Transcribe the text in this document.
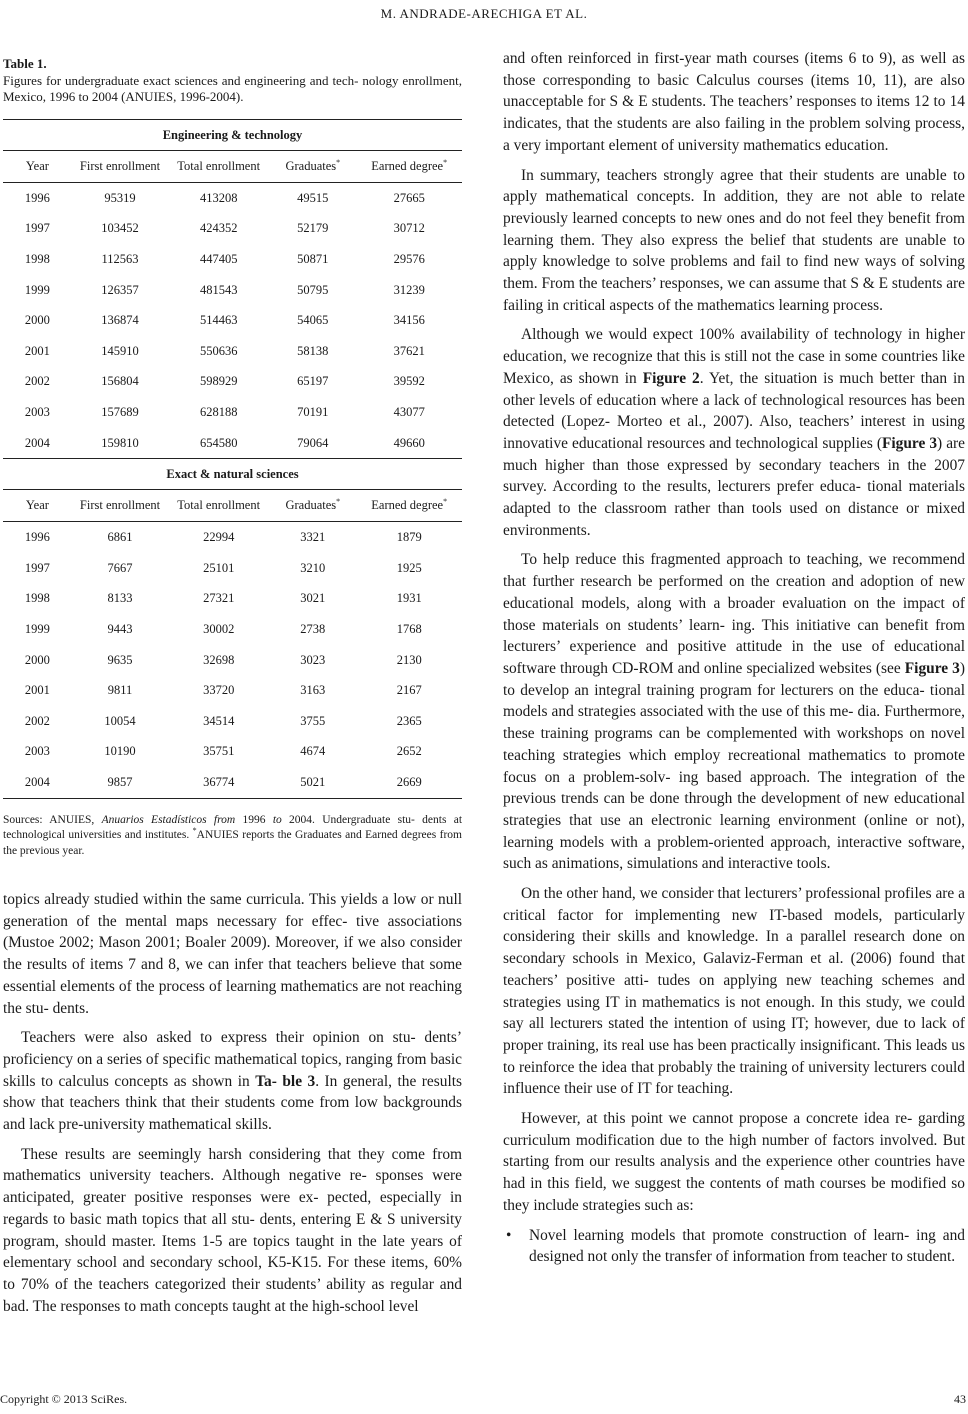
M. ANDRADE-ARECHIGA ET AL.

Table 1.

Figures for undergraduate exact sciences and engineering and tech- nology enrollment, Mexico, 1996 to 2004 (ANUIES, 1996-2004).

Engineering & technology				
Year	First enrollment	Total enrollment	Graduates*	Earned degree*
1996	95319	413208	49515	27665
1997	103452	424352	52179	30712
1998	112563	447405	50871	29576
1999	126357	481543	50795	31239
2000	136874	514463	54065	34156
2001	145910	550636	58138	37621
2002	156804	598929	65197	39592
2003	157689	628188	70191	43077
2004	159810	654580	79064	49660
Exact & natural sciences				
Year	First enrollment	Total enrollment	Graduates*	Earned degree*
1996	6861	22994	3321	1879
1997	7667	25101	3210	1925
1998	8133	27321	3021	1931
1999	9443	30002	2738	1768
2000	9635	32698	3023	2130
2001	9811	33720	3163	2167
2002	10054	34514	3755	2365
2003	10190	35751	4674	2652
2004	9857	36774	5021	2669

Sources: ANUIES, Anuarios Estadísticos from 1996 to 2004. Undergraduate stu- dents at technological universities and institutes. *ANUIES reports the Graduates and Earned degrees from the previous year.

topics already studied within the same curricula. This yields a low or null generation of the mental maps necessary for effec- tive associations (Mustoe 2002; Mason 2001; Boaler 2009). Moreover, if we also consider the results of items 7 and 8, we can infer that teachers believe that some essential elements of the process of learning mathematics are not reaching the stu- dents.

Teachers were also asked to express their opinion on stu- dents’ proficiency on a series of specific mathematical topics, ranging from basic skills to calculus concepts as shown in Ta- ble 3. In general, the results show that teachers think that their students come from low backgrounds and lack pre-university mathematical skills.

These results are seemingly harsh considering that they come from mathematics university teachers. Although negative re- sponses were anticipated, greater positive responses were ex- pected, especially in regards to basic math topics that all stu- dents, entering E & S university program, should master. Items 1-5 are topics taught in the late years of elementary school and secondary school, K5-K15. For these items, 60% to 70% of the teachers categorized their students’ ability as regular and bad. The responses to math concepts taught at the high-school level

and often reinforced in first-year math courses (items 6 to 9), as well as those corresponding to basic Calculus courses (items 10, 11), are also unacceptable for S & E students. The teachers’ responses to items 12 to 14 indicates, that the students are also failing in the problem solving process, a very important element of university mathematics education.

In summary, teachers strongly agree that their students are unable to apply mathematical concepts. In addition, they are not able to relate previously learned concepts to new ones and do not feel they benefit from learning them. They also express the belief that students are unable to apply knowledge to solve problems and fail to find new ways of solving them. From the teachers’ responses, we can assume that S & E students are failing in critical aspects of the mathematics learning process.

Although we would expect 100% availability of technology in higher education, we recognize that this is still not the case in some countries like Mexico, as shown in Figure 2. Yet, the situation is much better than in other levels of education where a lack of technological resources has been detected (Lopez- Morteo et al., 2007). Also, teachers’ interest in using innovative educational resources and technological supplies (Figure 3) are much higher than those expressed by secondary teachers in the 2007 survey. According to the results, lecturers prefer educa- tional materials adapted to the classroom rather than tools used on distance or mixed environments.

To help reduce this fragmented approach to teaching, we recommend that further research be performed on the creation and adoption of new educational models, along with a broader evaluation on the impact of those materials on students’ learn- ing. This initiative can benefit from lecturers’ experience and positive attitude in the use of educational software through CD-ROM and online specialized websites (see Figure 3) to develop an integral training program for lecturers on the educa- tional models and strategies associated with the use of this me- dia. Furthermore, these training programs can be complemented with workshops on novel teaching strategies which employ recreational mathematics to promote focus on a problem-solv- ing based approach. The integration of the previous trends can be done through the development of new educational strategies that use an electronic learning environment (online or not), learning models with a problem-oriented approach, interactive software, such as animations, simulations and interactive tools.

On the other hand, we consider that lecturers’ professional profiles are a critical factor for implementing new IT-based models, particularly considering their skills and knowledge. In a parallel research done on secondary schools in Mexico, Galaviz-Ferman et al. (2006) found that teachers’ positive atti- tudes on applying new teaching schemes and strategies using IT in mathematics is not enough. In this study, we could say all lecturers stated the intention of using IT; however, due to lack of proper training, its real use has been practically insignificant. This leads us to reinforce the idea that probably the training of university lecturers could influence their use of IT for teaching.

However, at this point we cannot propose a concrete idea re- garding curriculum modification due to the high number of factors involved. But starting from our results analysis and the experience other countries have had in this field, we suggest the contents of math courses be modified so they include strategies such as:

• Novel learning models that promote construction of learn- ing and designed not only the transfer of information from teacher to student.
Copyright © 2013 SciRes.	43
